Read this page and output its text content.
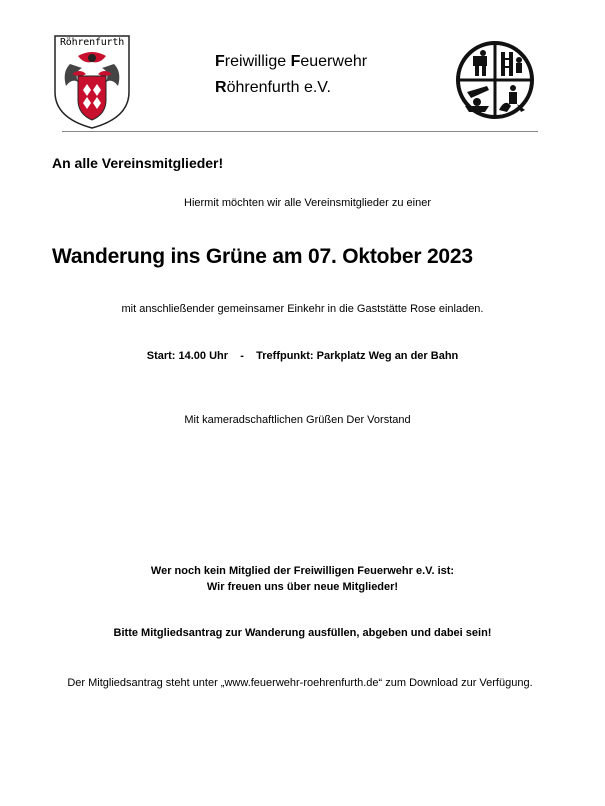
Röhrenfurth
Freiwillige Feuerwehr
Röhrenfurth e.V.
An alle Vereinsmitglieder!
Hiermit möchten wir alle Vereinsmitglieder zu einer
Wanderung ins Grüne am 07. Oktober 2023
mit anschließender gemeinsamer Einkehr in die Gaststätte Rose einladen.
Start: 14.00 Uhr    -    Treffpunkt: Parkplatz Weg an der Bahn
Mit kameradschaftlichen Grüßen Der Vorstand
Wer noch kein Mitglied der Freiwilligen Feuerwehr e.V. ist:
Wir freuen uns über neue Mitglieder!
Bitte Mitgliedsantrag zur Wanderung ausfüllen, abgeben und dabei sein!
Der Mitgliedsantrag steht unter „www.feuerwehr-roehrenfurth.de“ zum Download zur Verfügung.
